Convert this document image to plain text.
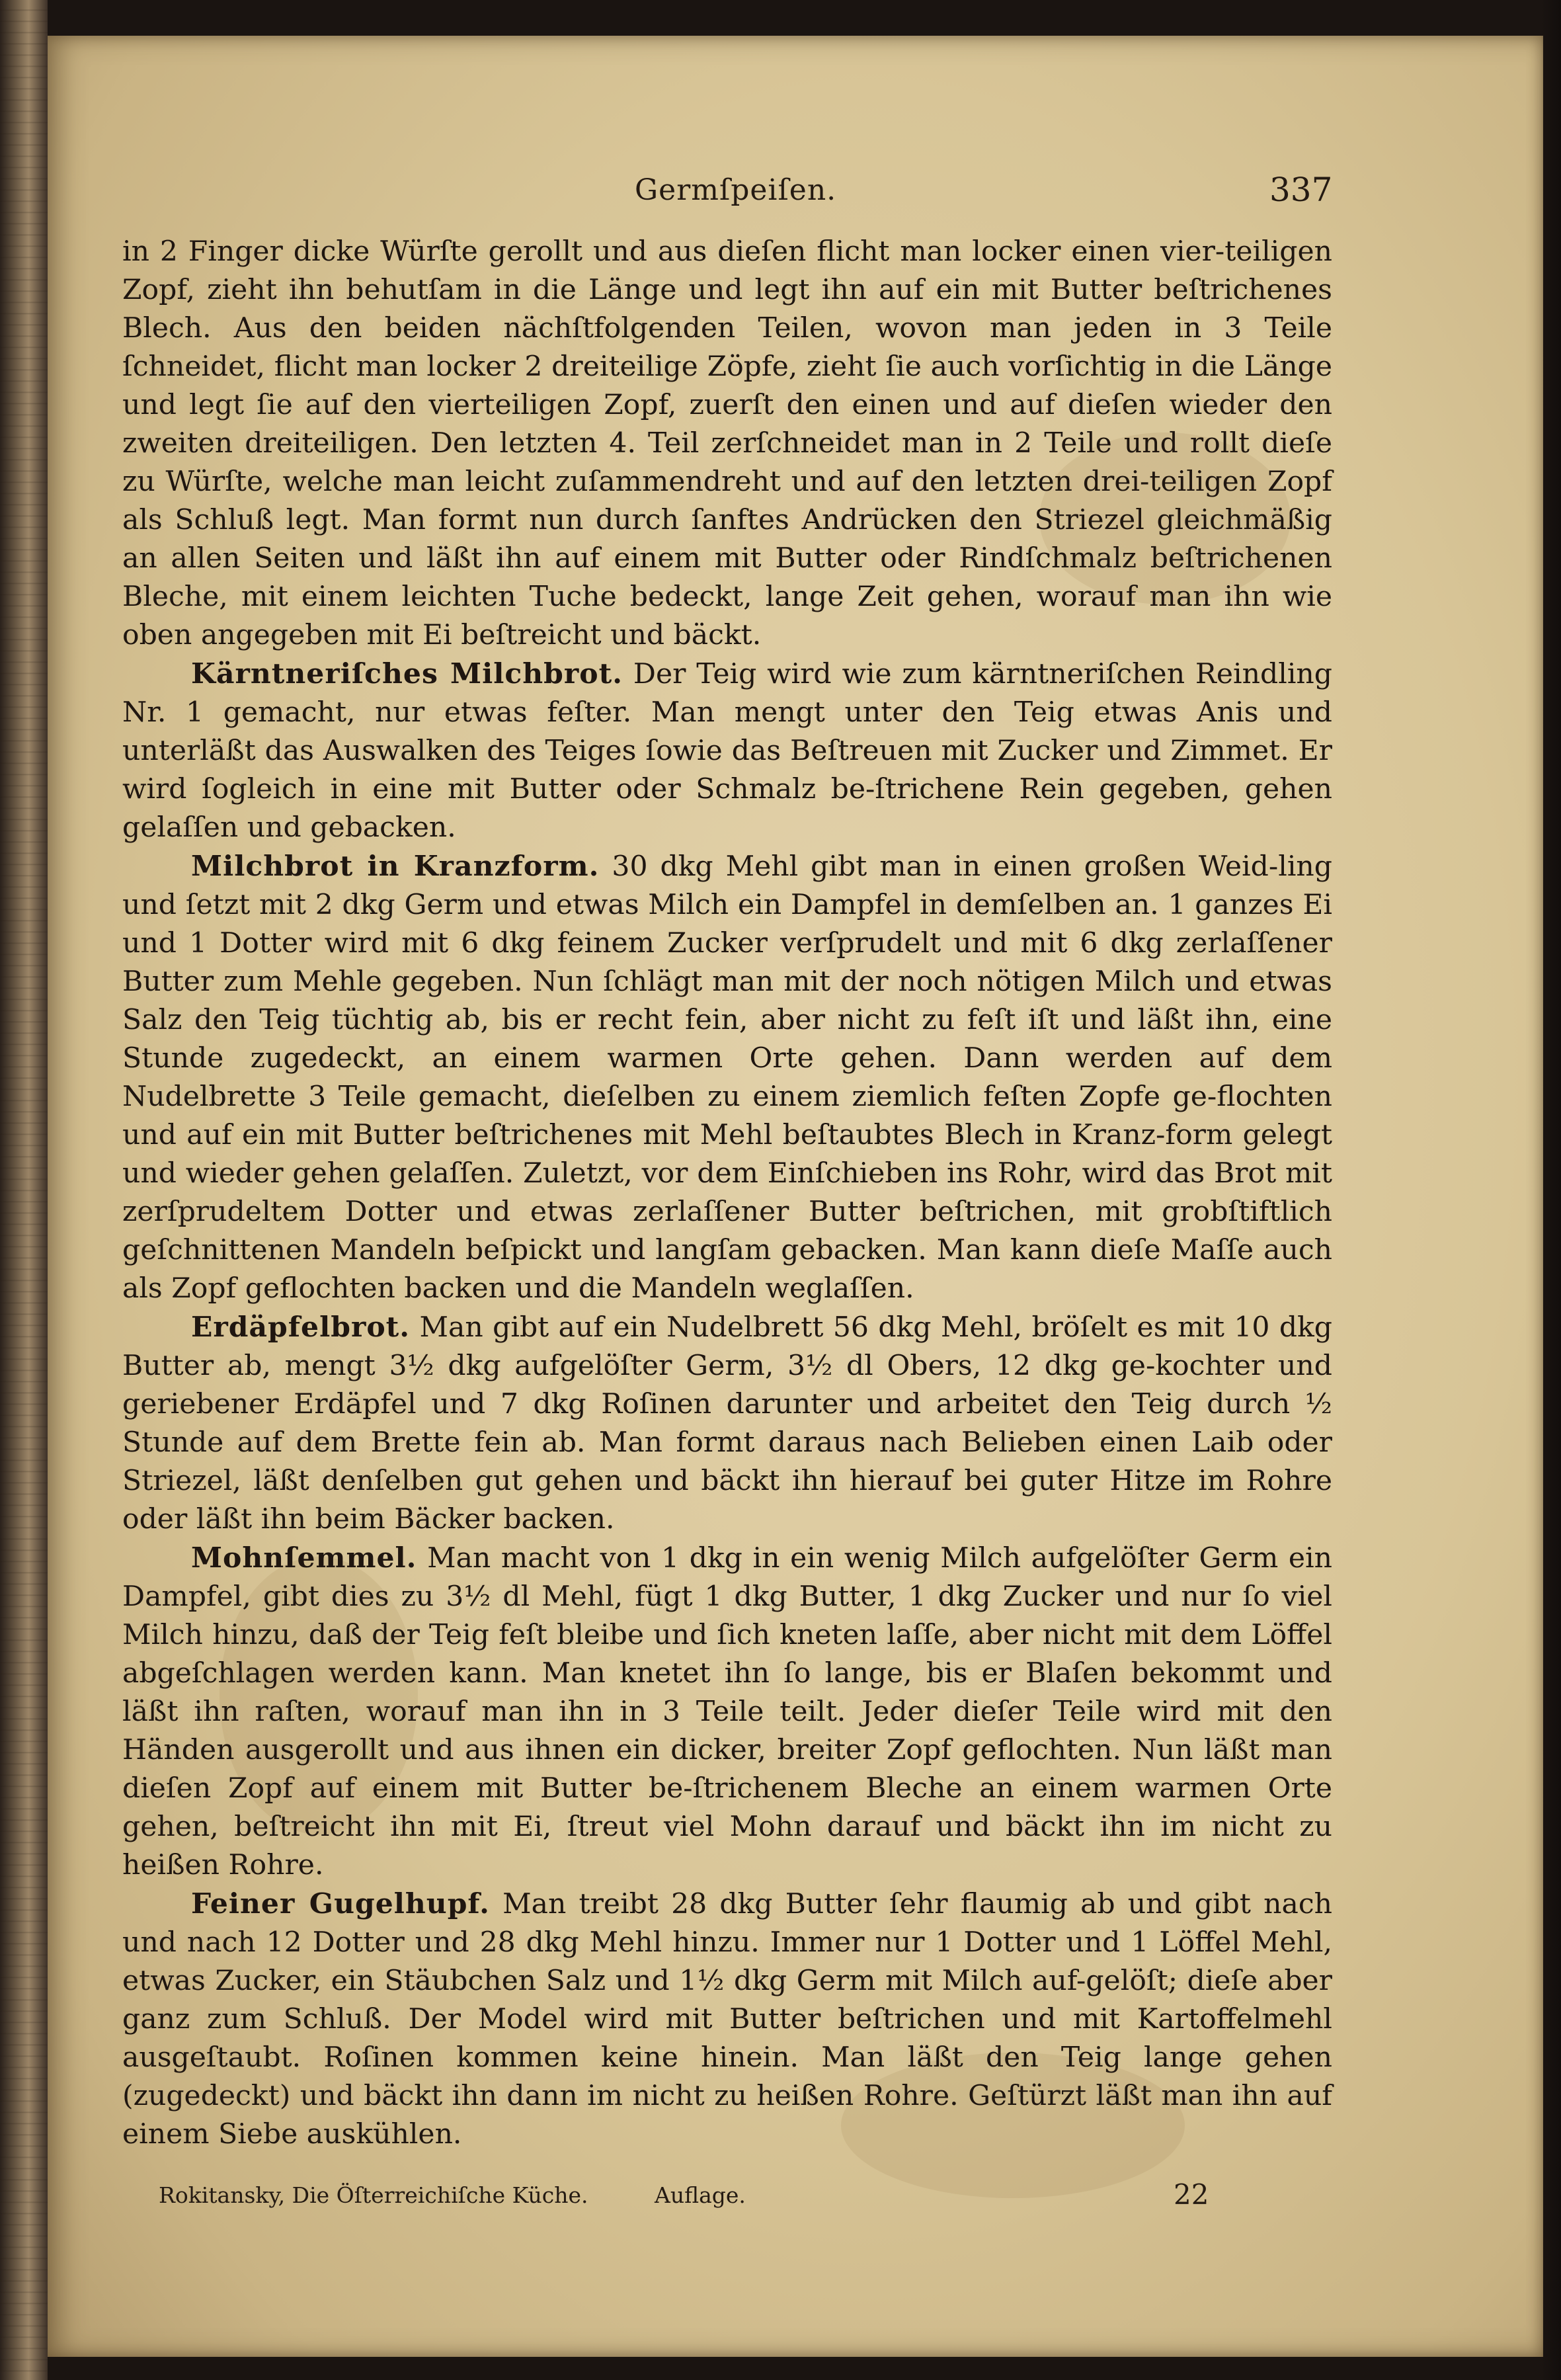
Germſpeiſen.	337

in 2 Finger dicke Würſte gerollt und aus dieſen flicht man locker einen vier-teiligen Zopf, zieht ihn behutſam in die Länge und legt ihn auf ein mit Butter beſtrichenes Blech. Aus den beiden nächſtfolgenden Teilen, wovon man jeden in 3 Teile ſchneidet, flicht man locker 2 dreiteilige Zöpfe, zieht ſie auch vorſichtig in die Länge und legt ſie auf den vierteiligen Zopf, zuerſt den einen und auf dieſen wieder den zweiten dreiteiligen. Den letzten 4. Teil zerſchneidet man in 2 Teile und rollt dieſe zu Würſte, welche man leicht zuſammendreht und auf den letzten drei-teiligen Zopf als Schluß legt. Man formt nun durch ſanftes Andrücken den Striezel gleichmäßig an allen Seiten und läßt ihn auf einem mit Butter oder Rindſchmalz beſtrichenen Bleche, mit einem leichten Tuche bedeckt, lange Zeit gehen, worauf man ihn wie oben angegeben mit Ei beſtreicht und bäckt.

Kärntneriſches Milchbrot. Der Teig wird wie zum kärntneriſchen Reindling Nr. 1 gemacht, nur etwas feſter. Man mengt unter den Teig etwas Anis und unterläßt das Auswalken des Teiges ſowie das Beſtreuen mit Zucker und Zimmet. Er wird ſogleich in eine mit Butter oder Schmalz be-ſtrichene Rein gegeben, gehen gelaſſen und gebacken.

Milchbrot in Kranzform. 30 dkg Mehl gibt man in einen großen Weid-ling und ſetzt mit 2 dkg Germ und etwas Milch ein Dampfel in demſelben an. 1 ganzes Ei und 1 Dotter wird mit 6 dkg feinem Zucker verſprudelt und mit 6 dkg zerlaſſener Butter zum Mehle gegeben. Nun ſchlägt man mit der noch nötigen Milch und etwas Salz den Teig tüchtig ab, bis er recht fein, aber nicht zu feſt iſt und läßt ihn, eine Stunde zugedeckt, an einem warmen Orte gehen. Dann werden auf dem Nudelbrette 3 Teile gemacht, dieſelben zu einem ziemlich feſten Zopfe ge-flochten und auf ein mit Butter beſtrichenes mit Mehl beſtaubtes Blech in Kranz-form gelegt und wieder gehen gelaſſen. Zuletzt, vor dem Einſchieben ins Rohr, wird das Brot mit zerſprudeltem Dotter und etwas zerlaſſener Butter beſtrichen, mit grobſtiftlich geſchnittenen Mandeln beſpickt und langſam gebacken. Man kann dieſe Maſſe auch als Zopf geflochten backen und die Mandeln weglaſſen.

Erdäpfelbrot. Man gibt auf ein Nudelbrett 56 dkg Mehl, bröſelt es mit 10 dkg Butter ab, mengt 3½ dkg aufgelöſter Germ, 3½ dl Obers, 12 dkg ge-kochter und geriebener Erdäpfel und 7 dkg Roſinen darunter und arbeitet den Teig durch ½ Stunde auf dem Brette fein ab. Man formt daraus nach Belieben einen Laib oder Striezel, läßt denſelben gut gehen und bäckt ihn hierauf bei guter Hitze im Rohre oder läßt ihn beim Bäcker backen.

Mohnſemmel. Man macht von 1 dkg in ein wenig Milch aufgelöſter Germ ein Dampfel, gibt dies zu 3½ dl Mehl, fügt 1 dkg Butter, 1 dkg Zucker und nur ſo viel Milch hinzu, daß der Teig feſt bleibe und ſich kneten laſſe, aber nicht mit dem Löffel abgeſchlagen werden kann. Man knetet ihn ſo lange, bis er Blaſen bekommt und läßt ihn raſten, worauf man ihn in 3 Teile teilt. Jeder dieſer Teile wird mit den Händen ausgerollt und aus ihnen ein dicker, breiter Zopf geflochten. Nun läßt man dieſen Zopf auf einem mit Butter be-ſtrichenem Bleche an einem warmen Orte gehen, beſtreicht ihn mit Ei, ſtreut viel Mohn darauf und bäckt ihn im nicht zu heißen Rohre.

Feiner Gugelhupf. Man treibt 28 dkg Butter ſehr flaumig ab und gibt nach und nach 12 Dotter und 28 dkg Mehl hinzu. Immer nur 1 Dotter und 1 Löffel Mehl, etwas Zucker, ein Stäubchen Salz und 1½ dkg Germ mit Milch auf-gelöſt; dieſe aber ganz zum Schluß. Der Model wird mit Butter beſtrichen und mit Kartoffelmehl ausgeſtaubt. Roſinen kommen keine hinein. Man läßt den Teig lange gehen (zugedeckt) und bäckt ihn dann im nicht zu heißen Rohre. Geſtürzt läßt man ihn auf einem Siebe auskühlen.

Rokitansky, Die Öſterreichiſche Küche.	Auflage.	22
